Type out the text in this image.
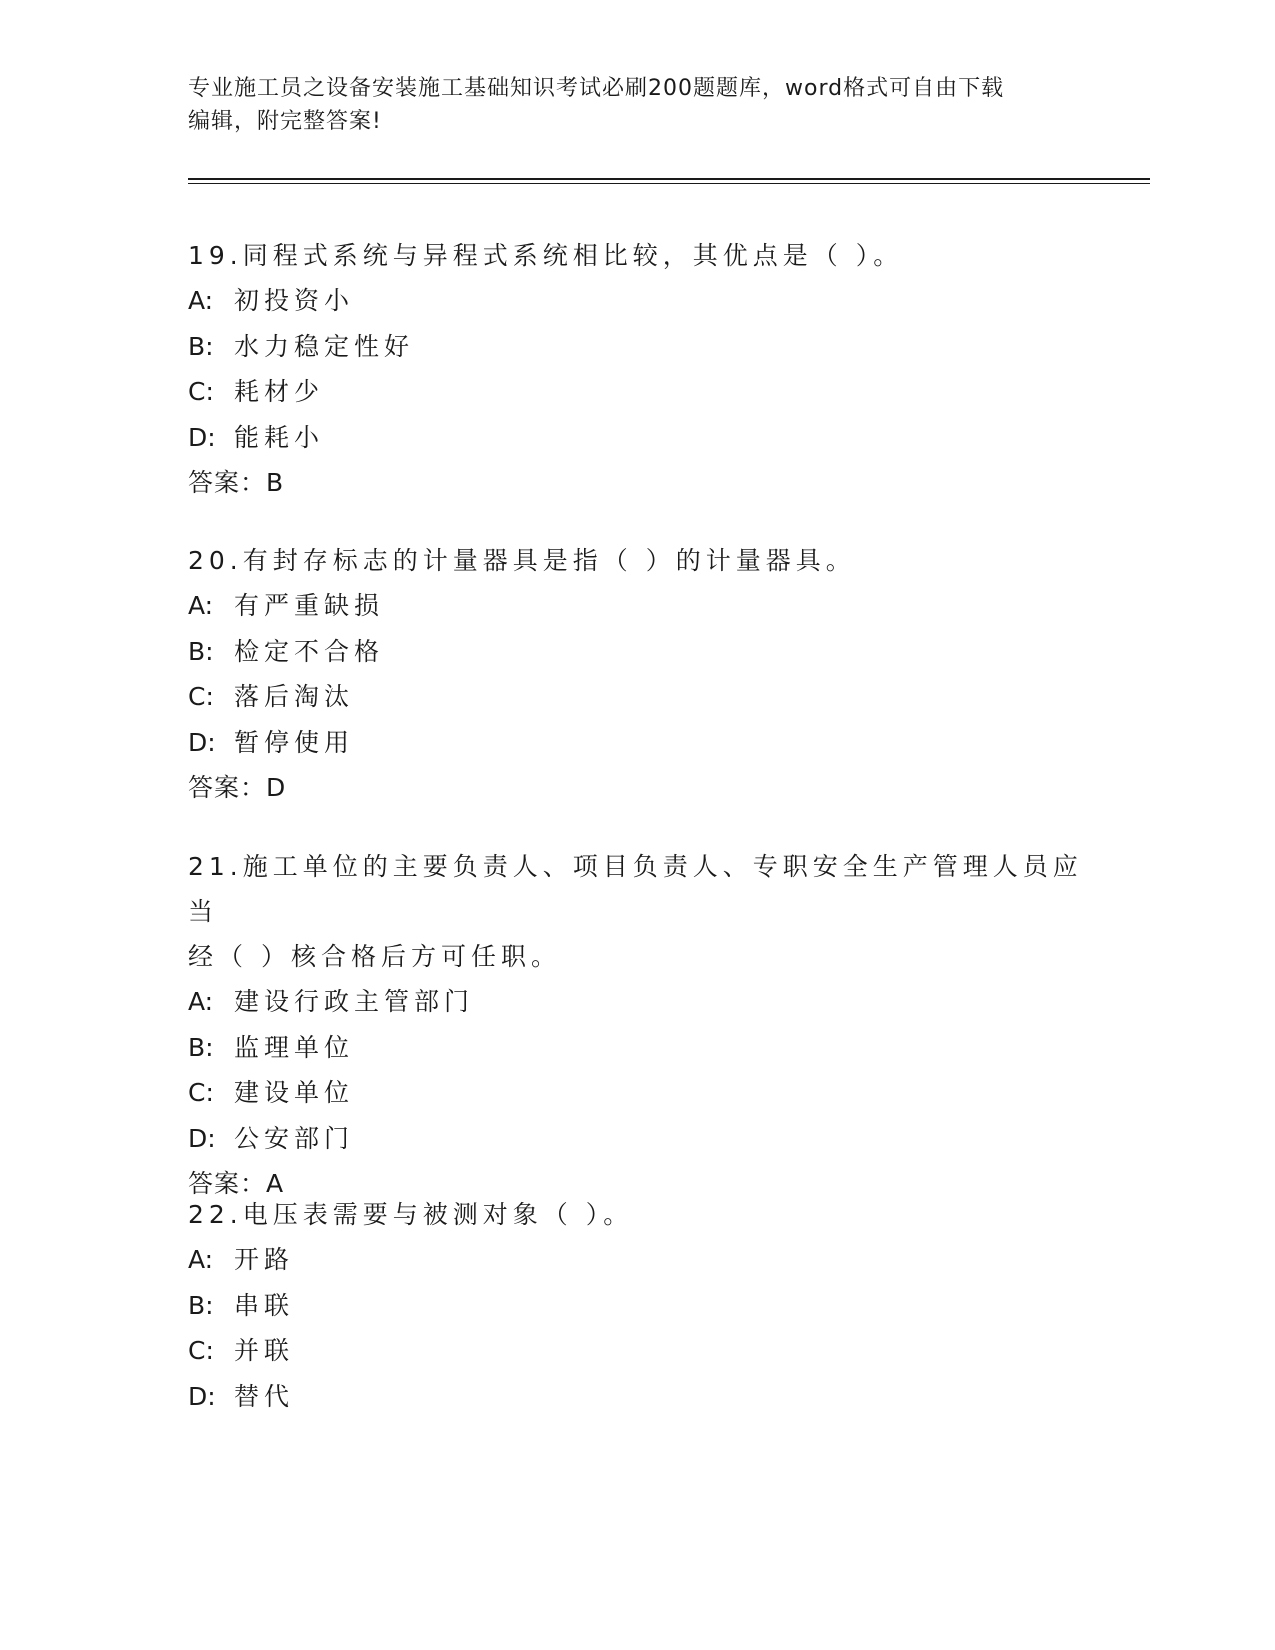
专业施工员之设备安装施工基础知识考试必刷200题题库，word格式可自由下载
编辑，附完整答案!
19.同程式系统与异程式系统相比较，其优点是（ ）。
A: 初投资小
B: 水力稳定性好
C: 耗材少
D: 能耗小
答案：B
20.有封存标志的计量器具是指（ ）的计量器具。
A: 有严重缺损
B: 检定不合格
C: 落后淘汰
D: 暂停使用
答案：D
21.施工单位的主要负责人、项目负责人、专职安全生产管理人员应当
经（ ）核合格后方可任职。
A: 建设行政主管部门
B: 监理单位
C: 建设单位
D: 公安部门
答案：A
22.电压表需要与被测对象（ ）。
A: 开路
B: 串联
C: 并联
D: 替代
